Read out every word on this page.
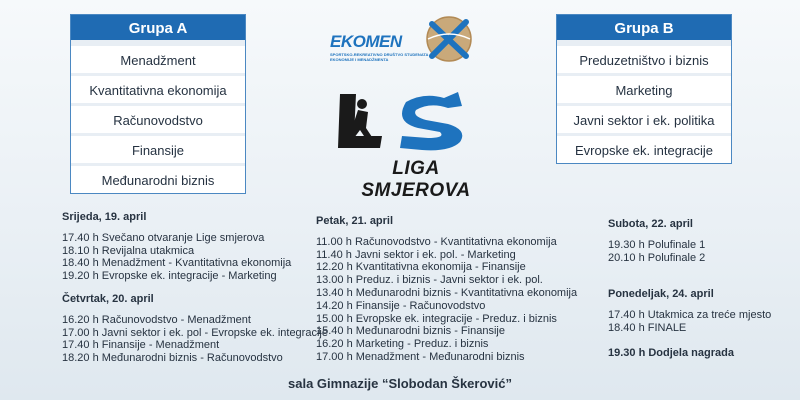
Grupa A
Menadžment
Kvantitativna ekonomija
Računovodstvo
Finansije
Međunarodni biznis
Grupa B
Preduzetništvo i biznis
Marketing
Javni sektor i ek. politika
Evropske ek. integracije
EKOMEN
SPORTSKO-REKREATIVNO DRUŠTVO STUDENATA EKONOMIJE I MENADŽMENTA
LIGA SMJEROVA
Srijeda, 19. april
17.40 h Svečano otvaranje Lige smjerova
18.10 h Revijalna utakmica
18.40 h Menadžment - Kvantitativna ekonomija
19.20 h Evropske ek. integracije - Marketing
Četvrtak, 20. april
16.20 h Računovodstvo - Menadžment
17.00 h Javni sektor i ek. pol - Evropske ek. integracije
17.40 h Finansije - Menadžment
18.20 h Međunarodni biznis - Računovodstvo
Petak, 21. april
11.00 h Računovodstvo - Kvantitativna ekonomija
11.40 h Javni sektor i ek. pol. - Marketing
12.20 h Kvantitativna ekonomija - Finansije
13.00 h Preduz. i biznis - Javni sektor i ek. pol.
13.40 h Međunarodni biznis - Kvantitativna ekonomija
14.20 h Finansije - Računovodstvo
15.00 h Evropske ek. integracije - Preduz. i biznis
15.40 h Međunarodni biznis - Finansije
16.20 h Marketing - Preduz. i biznis
17.00 h Menadžment - Međunarodni biznis
Subota, 22. april
19.30 h Polufinale 1
20.10 h Polufinale 2
Ponedeljak, 24. april
17.40 h Utakmica za treće mjesto
18.40 h FINALE
19.30 h Dodjela nagrada
sala Gimnazije “Slobodan Škerović”
